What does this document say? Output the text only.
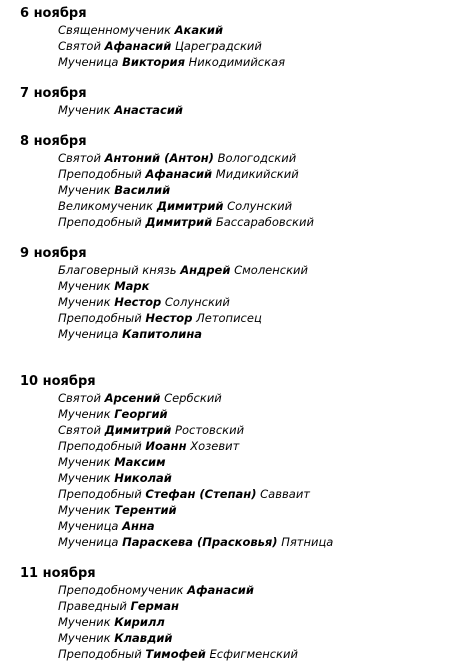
6 ноября
Священномученик Акакий
Святой Афанасий Цареградский
Мученица Виктория Никодимийская
7 ноября
Мученик Анастасий
8 ноября
Святой Антоний (Антон) Вологодский
Преподобный Афанасий Мидикийский
Мученик Василий
Великомученик Димитрий Солунский
Преподобный Димитрий Бассарабовский
9 ноября
Благоверный князь Андрей Смоленский
Мученик Марк
Мученик Нестор Солунский
Преподобный Нестор Летописец
Мученица Капитолина
10 ноября
Святой Арсений Сербский
Мученик Георгий
Святой Димитрий Ростовский
Преподобный Иоанн Хозевит
Мученик Максим
Мученик Николай
Преподобный Стефан (Степан) Савваит
Мученик Терентий
Мученица Анна
Мученица Параскева (Прасковья) Пятница
11 ноября
Преподобномученик Афанасий
Праведный Герман
Мученик Кирилл
Мученик Клавдий
Преподобный Тимофей Есфигменский
